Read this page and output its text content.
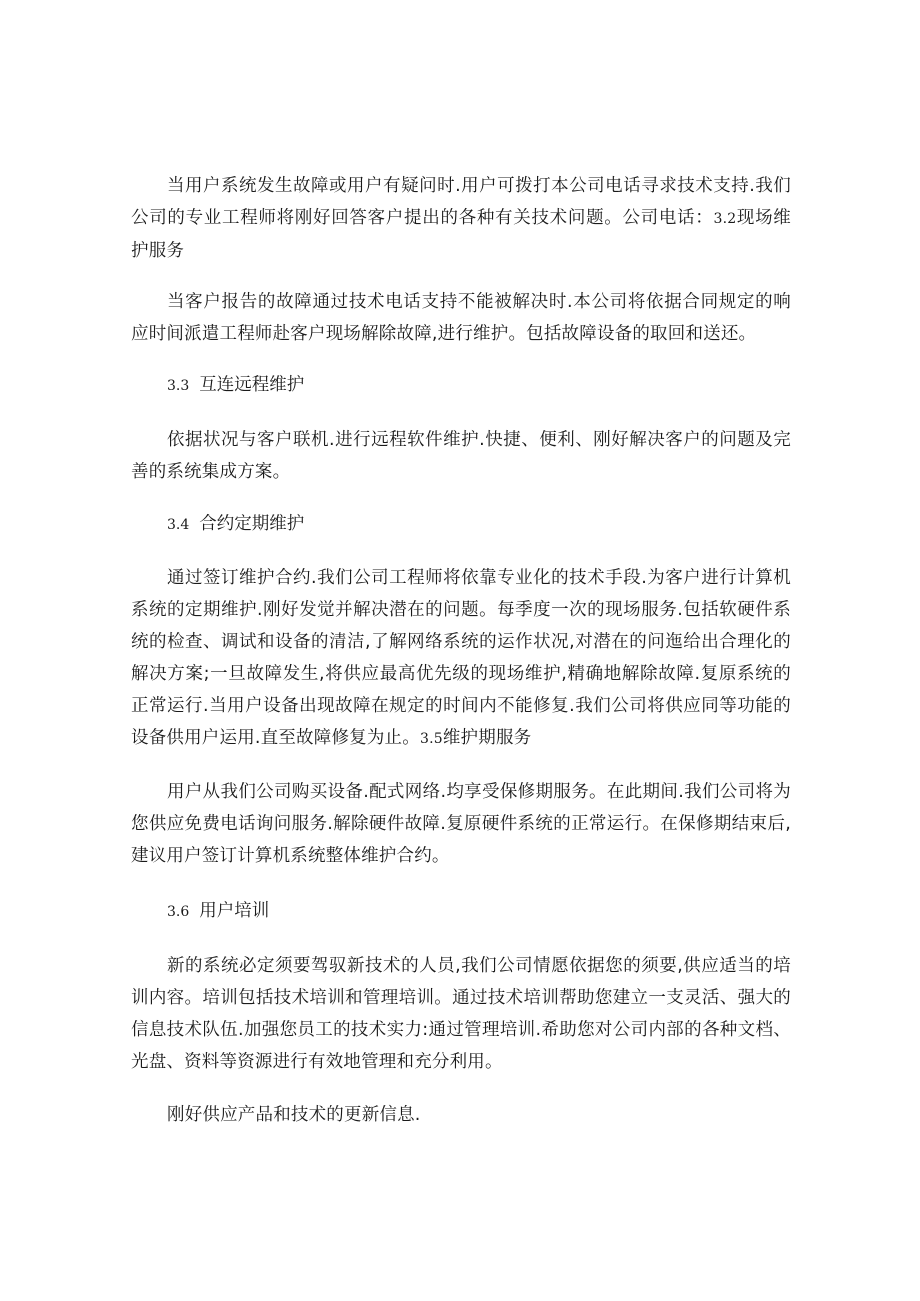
当用户系统发生故障或用户有疑问时.用户可拨打本公司电话寻求技术支持.我们公司的专业工程师将刚好回答客户提出的各种有关技术问题。公司电话：3.2现场维护服务

当客户报告的故障通过技术电话支持不能被解决时.本公司将依据合同规定的响应时间派遣工程师赴客户现场解除故障,进行维护。包括故障设备的取回和送还。

3.3 互连远程维护

依据状况与客户联机.进行远程软件维护.快捷、便利、刚好解决客户的问题及完善的系统集成方案。

3.4 合约定期维护

通过签订维护合约.我们公司工程师将依靠专业化的技术手段.为客户进行计算机系统的定期维护.刚好发觉并解决潜在的问题。每季度一次的现场服务.包括软硬件系统的检查、调试和设备的清洁,了解网络系统的运作状况,对潜在的问迤给出合理化的解决方案;一旦故障发生,将供应最高优先级的现场维护,精确地解除故障.复原系统的正常运行.当用户设备出现故障在规定的时间内不能修复.我们公司将供应同等功能的设备供用户运用.直至故障修复为止。3.5维护期服务

用户从我们公司购买设备.配式网络.均享受保修期服务。在此期间.我们公司将为您供应免费电话询问服务.解除硬件故障.复原硬件系统的正常运行。在保修期结束后,建议用户签订计算机系统整体维护合约。

3.6 用户培训

新的系统必定须要驾驭新技术的人员,我们公司情愿依据您的须要,供应适当的培训内容。培训包括技术培训和管理培训。通过技术培训帮助您建立一支灵活、强大的信息技术队伍.加强您员工的技术实力:通过管理培训.希助您对公司内部的各种文档、光盘、资料等资源进行有效地管理和充分利用。

刚好供应产品和技术的更新信息.
